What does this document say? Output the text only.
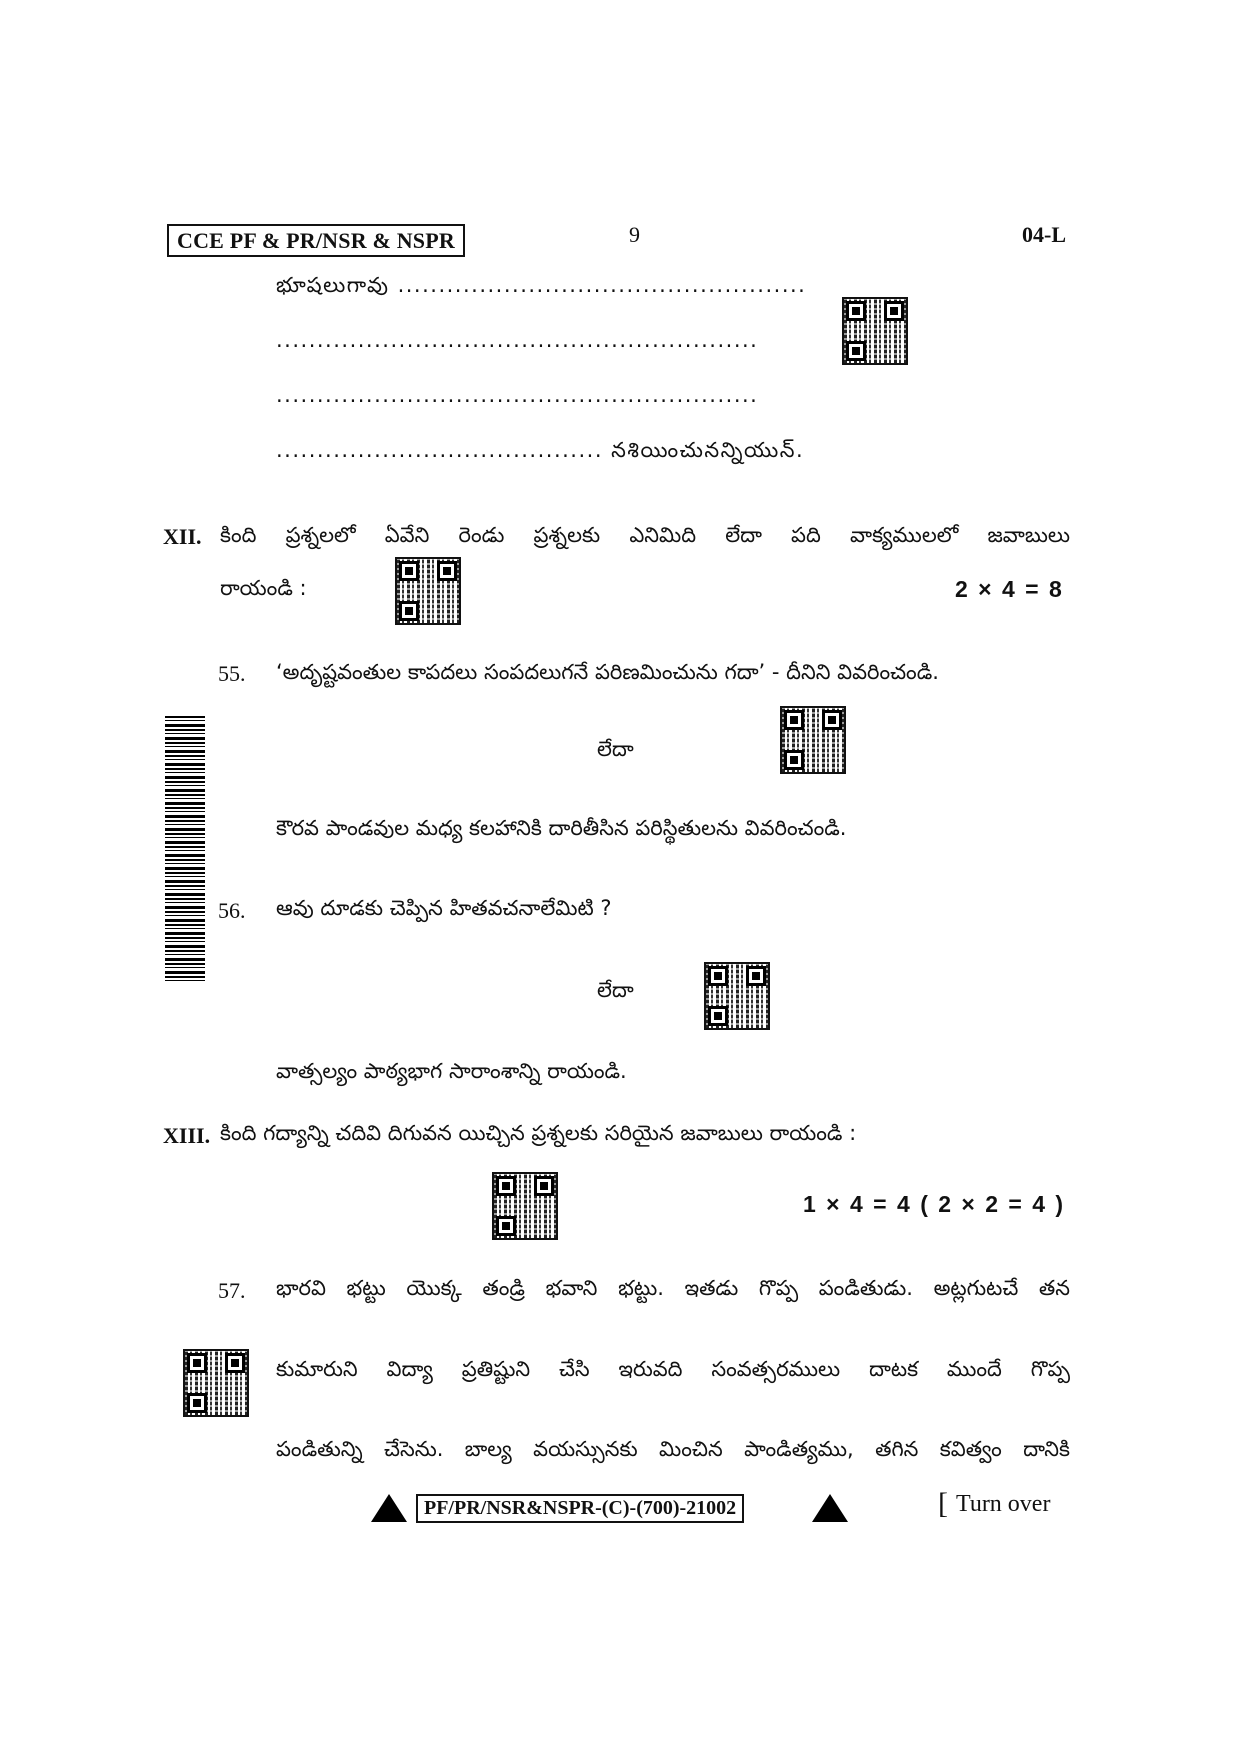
CCE PF & PR/NSR & NSPR	9	04-L
భూషలుగావు ..................................................
...........................................................
...........................................................
........................................ నశియించునన్నియున్.
XII. కింది ప్రశ్నలలో ఏవేని రెండు ప్రశ్నలకు ఎనిమిది లేదా పది వాక్యములలో జవాబులు
రాయండి :	2 × 4 = 8
55. ‘అదృష్టవంతుల కాపదలు సంపదలుగనే పరిణమించును గదా’ - దీనిని వివరించండి.
లేదా
కౌరవ పాండవుల మధ్య కలహానికి దారితీసిన పరిస్థితులను వివరించండి.
56. ఆవు దూడకు చెప్పిన హితవచనాలేమిటి ?
లేదా
వాత్సల్యం పాఠ్యభాగ సారాంశాన్ని రాయండి.
XIII. కింది గద్యాన్ని చదివి దిగువన యిచ్చిన ప్రశ్నలకు సరియైన జవాబులు రాయండి :
1 × 4 = 4 ( 2 × 2 = 4 )
57. భారవి భట్టు యొక్క తండ్రి భవాని భట్టు. ఇతడు గొప్ప పండితుడు. అట్లగుటచే తన
కుమారుని విద్యా ప్రతిష్టుని చేసి ఇరువది సంవత్సరములు దాటక ముందే గొప్ప
పండితున్ని చేసెను. బాల్య వయస్సునకు మించిన పాండిత్యము, తగిన కవిత్వం దానికి
PF/PR/NSR&NSPR-(C)-(700)-21002	[ Turn over
